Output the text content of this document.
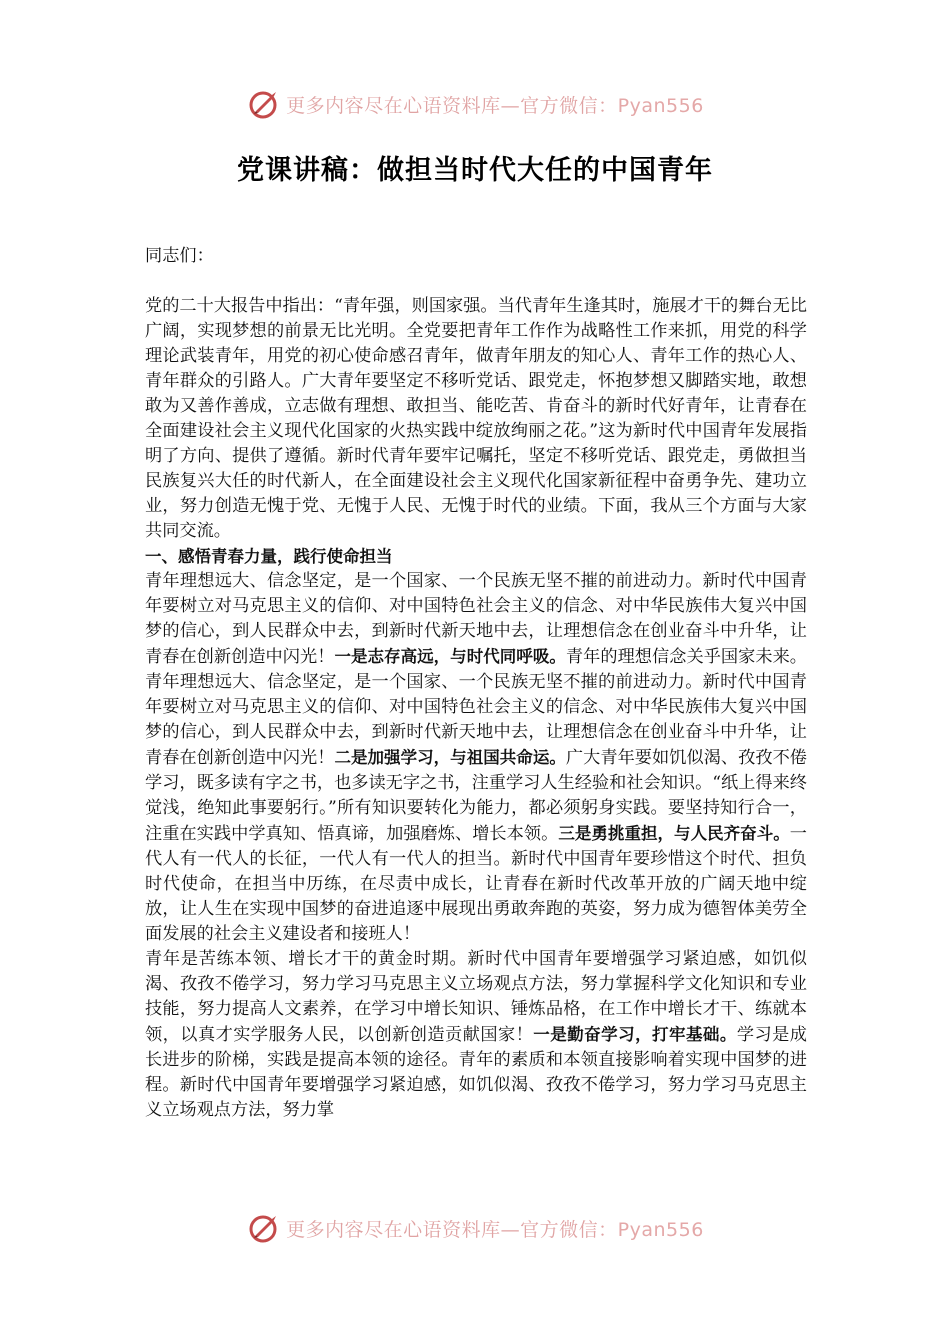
更多内容尽在心语资料库—官方微信：Pyan556
党课讲稿：做担当时代大任的中国青年

同志们：

党的二十大报告中指出：“青年强，则国家强。当代青年生逢其时，施展才干的舞台无比广阔，实现梦想的前景无比光明。全党要把青年工作作为战略性工作来抓，用党的科学理论武装青年，用党的初心使命感召青年，做青年朋友的知心人、青年工作的热心人、青年群众的引路人。广大青年要坚定不移听党话、跟党走，怀抱梦想又脚踏实地，敢想敢为又善作善成，立志做有理想、敢担当、能吃苦、肯奋斗的新时代好青年，让青春在全面建设社会主义现代化国家的火热实践中绽放绚丽之花。”这为新时代中国青年发展指明了方向、提供了遵循。新时代青年要牢记嘱托，坚定不移听党话、跟党走，勇做担当民族复兴大任的时代新人，在全面建设社会主义现代化国家新征程中奋勇争先、建功立业，努力创造无愧于党、无愧于人民、无愧于时代的业绩。下面，我从三个方面与大家共同交流。

一、感悟青春力量，践行使命担当

青年理想远大、信念坚定，是一个国家、一个民族无坚不摧的前进动力。新时代中国青年要树立对马克思主义的信仰、对中国特色社会主义的信念、对中华民族伟大复兴中国梦的信心，到人民群众中去，到新时代新天地中去，让理想信念在创业奋斗中升华，让青春在创新创造中闪光！一是志存高远，与时代同呼吸。青年的理想信念关乎国家未来。青年理想远大、信念坚定，是一个国家、一个民族无坚不摧的前进动力。新时代中国青年要树立对马克思主义的信仰、对中国特色社会主义的信念、对中华民族伟大复兴中国梦的信心，到人民群众中去，到新时代新天地中去，让理想信念在创业奋斗中升华，让青春在创新创造中闪光！二是加强学习，与祖国共命运。广大青年要如饥似渴、孜孜不倦学习，既多读有字之书，也多读无字之书，注重学习人生经验和社会知识。“纸上得来终觉浅，绝知此事要躬行。”所有知识要转化为能力，都必须躬身实践。要坚持知行合一，注重在实践中学真知、悟真谛，加强磨炼、增长本领。三是勇挑重担，与人民齐奋斗。一代人有一代人的长征，一代人有一代人的担当。新时代中国青年要珍惜这个时代、担负时代使命，在担当中历练，在尽责中成长，让青春在新时代改革开放的广阔天地中绽放，让人生在实现中国梦的奋进追逐中展现出勇敢奔跑的英姿，努力成为德智体美劳全面发展的社会主义建设者和接班人！

青年是苦练本领、增长才干的黄金时期。新时代中国青年要增强学习紧迫感，如饥似渴、孜孜不倦学习，努力学习马克思主义立场观点方法，努力掌握科学文化知识和专业技能，努力提高人文素养，在学习中增长知识、锤炼品格，在工作中增长才干、练就本领，以真才实学服务人民，以创新创造贡献国家！一是勤奋学习，打牢基础。学习是成长进步的阶梯，实践是提高本领的途径。青年的素质和本领直接影响着实现中国梦的进程。新时代中国青年要增强学习紧迫感，如饥似渴、孜孜不倦学习，努力学习马克思主义立场观点方法，努力掌

更多内容尽在心语资料库—官方微信：Pyan556
